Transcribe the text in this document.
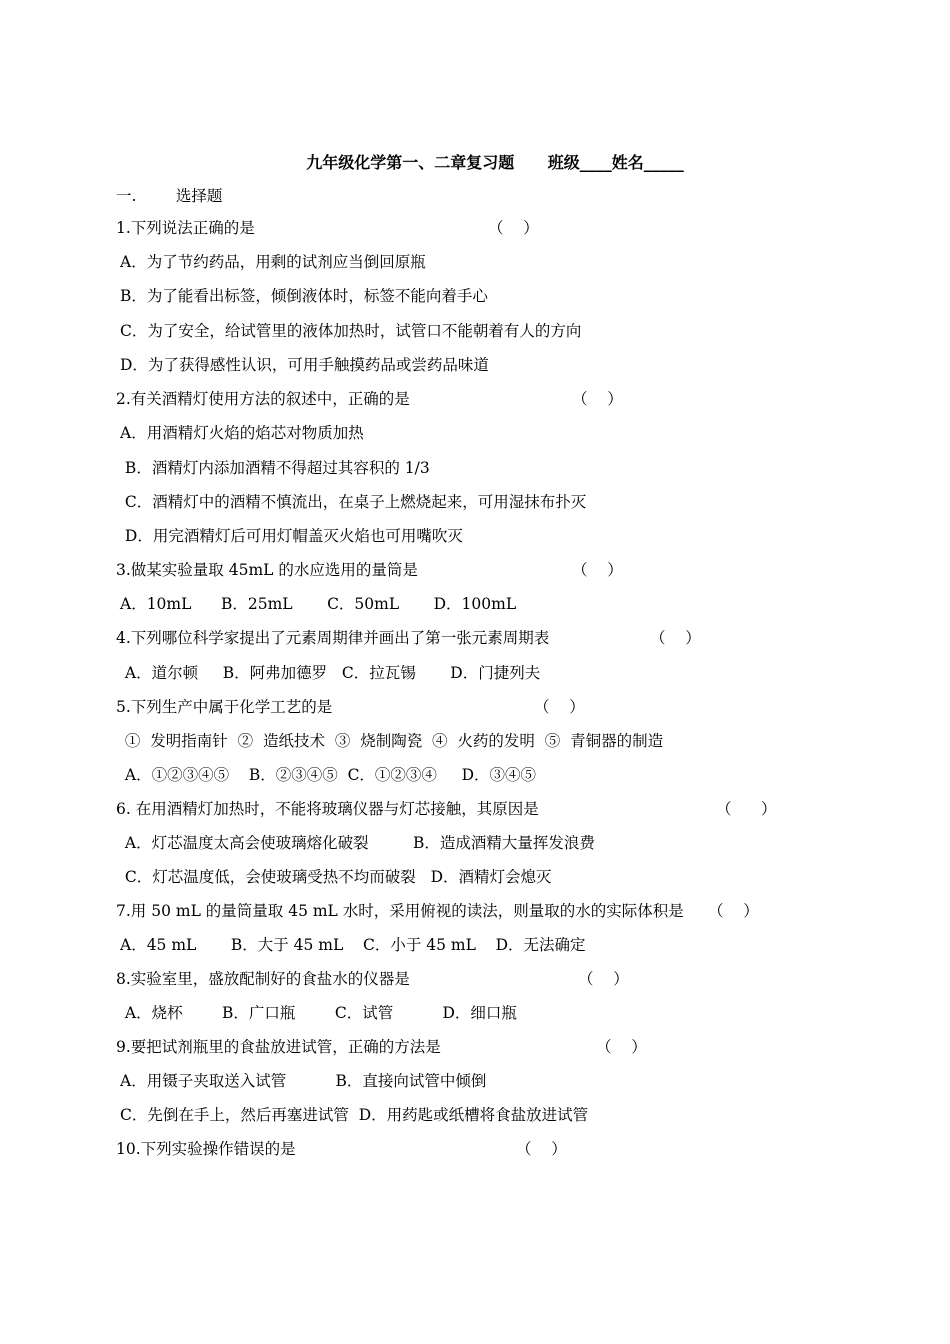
九年级化学第一、二章复习题      班级____姓名_____
一.        选择题
1.下列说法正确的是	（    ）
A．为了节约药品，用剩的试剂应当倒回原瓶
B．为了能看出标签，倾倒液体时，标签不能向着手心
C．为了安全，给试管里的液体加热时，试管口不能朝着有人的方向
D．为了获得感性认识，可用手触摸药品或尝药品味道
2.有关酒精灯使用方法的叙述中，正确的是	（    ）
A．用酒精灯火焰的焰芯对物质加热
B．酒精灯内添加酒精不得超过其容积的 1/3
C．酒精灯中的酒精不慎流出，在桌子上燃烧起来，可用湿抹布扑灭
D．用完酒精灯后可用灯帽盖灭火焰也可用嘴吹灭
3.做某实验量取 45mL 的水应选用的量筒是	（    ）
A．10mL      B．25mL       C．50mL       D．100mL
4.下列哪位科学家提出了元素周期律并画出了第一张元素周期表	（    ）
A．道尔顿     B．阿弗加德罗   C．拉瓦锡       D．门捷列夫
5.下列生产中属于化学工艺的是	（    ）
①  发明指南针  ②  造纸技术  ③  烧制陶瓷  ④  火药的发明  ⑤  青铜器的制造
A．①②③④⑤    B．②③④⑤  C．①②③④     D．③④⑤
6. 在用酒精灯加热时，不能将玻璃仪器与灯芯接触，其原因是	（      ）
A．灯芯温度太高会使玻璃熔化破裂         B．造成酒精大量挥发浪费
C．灯芯温度低，会使玻璃受热不均而破裂   D．酒精灯会熄灭
7.用 50 mL 的量筒量取 45 mL 水时，采用俯视的读法，则量取的水的实际体积是 （    ）
A．45 mL       B．大于 45 mL    C．小于 45 mL    D．无法确定
8.实验室里，盛放配制好的食盐水的仪器是	（    ）
A．烧杯        B．广口瓶        C．试管          D．细口瓶
9.要把试剂瓶里的食盐放进试管，正确的方法是	（    ）
A．用镊子夹取送入试管          B．直接向试管中倾倒
C．先倒在手上，然后再塞进试管  D．用药匙或纸槽将食盐放进试管
10.下列实验操作错误的是	（    ）
